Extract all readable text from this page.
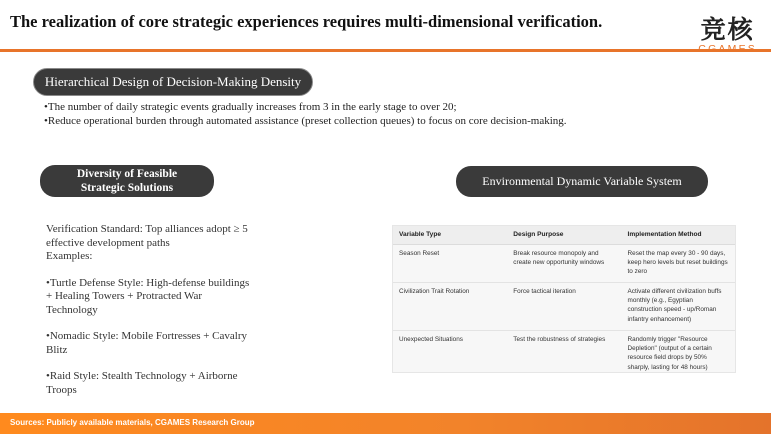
The realization of core strategic experiences requires multi-dimensional verification.	竞核
Hierarchical Design of Decision-Making Density
•The number of daily strategic events gradually increases from 3 in the early stage to over 20;
•Reduce operational burden through automated assistance (preset collection queues) to focus on core decision-making.
Diversity of Feasible
Strategic Solutions	Environmental Dynamic Variable System

Verification Standard: Top alliances adopt ≥ 5

effective development paths

Examples:

•Turtle Defense Style: High-defense buildings

+ Healing Towers + Protracted War

Technology

•Nomadic Style: Mobile Fortresses + Cavalry

Blitz

•Raid Style: Stealth Technology + Airborne

Troops

Variable Type	Design Purpose	Implementation Method
Season Reset	Break resource monopoly and create new opportunity windows	Reset the map every 30 - 90 days, keep hero levels but reset buildings to zero
Civilization Trait Rotation	Force tactical iteration	Activate different civilization buffs monthly (e.g., Egyptian construction speed - up/Roman infantry enhancement)
Unexpected Situations	Test the robustness of strategies	Randomly trigger "Resource Depletion" (output of a certain resource field drops by 50% sharply, lasting for 48 hours)
Sources: Publicly available materials, CGAMES Research Group
